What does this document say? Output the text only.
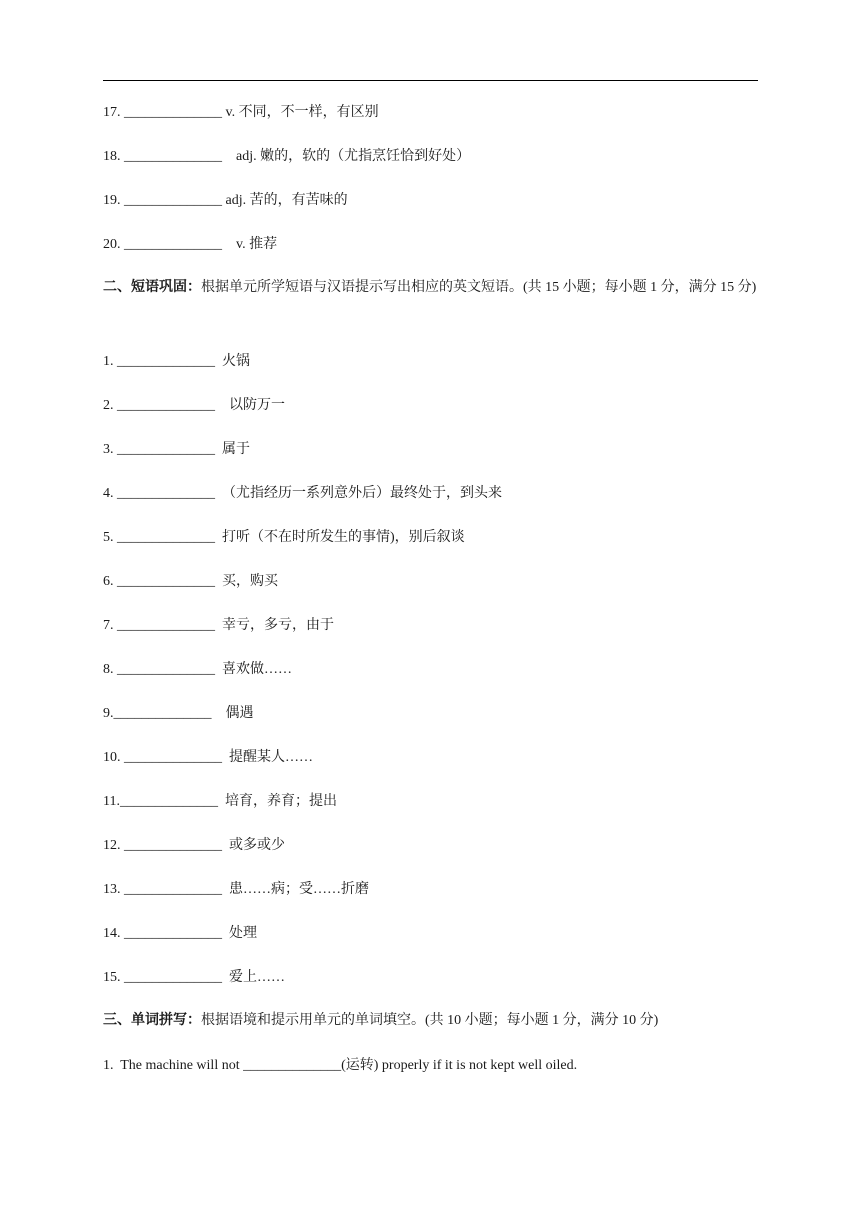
17. ______________ v. 不同，不一样，有区别
18. ______________    adj. 嫩的，软的（尤指烹饪恰到好处）
19. ______________ adj. 苦的，有苦味的
20. ______________    v. 推荐
二、短语巩固：根据单元所学短语与汉语提示写出相应的英文短语。(共 15 小题；每小题 1 分，满分 15 分)
1. ______________  火锅
2. ______________    以防万一
3. ______________  属于
4. ______________  （尤指经历一系列意外后）最终处于，到头来
5. ______________  打听（不在时所发生的事情)，别后叙谈
6. ______________  买，购买
7. ______________  幸亏，多亏，由于
8. ______________  喜欢做……
9.______________    偶遇
10. ______________  提醒某人……
11.______________  培育，养育；提出
12. ______________  或多或少
13. ______________  患……病；受……折磨
14. ______________  处理
15. ______________  爱上……
三、单词拼写：根据语境和提示用单元的单词填空。(共 10 小题；每小题 1 分，满分 10 分)
1.  The machine will not ______________(运转) properly if it is not kept well oiled.
